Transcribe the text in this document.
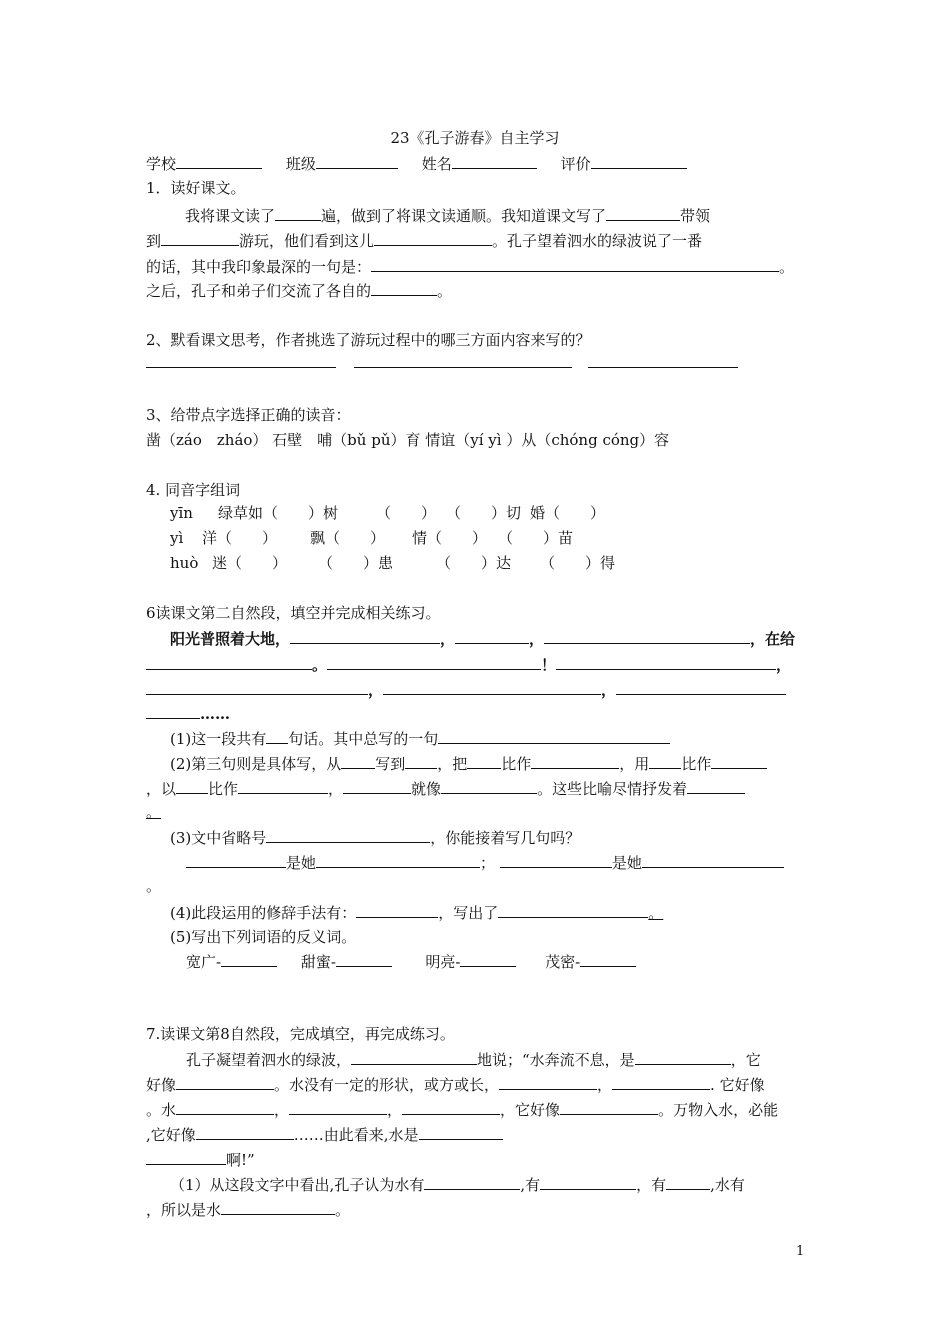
23《孔子游春》自主学习
学校	班级	姓名	评价
1．读好课文。
我将课文读了	遍，做到了将课文读通顺。我知道课文写了	带领
到	游玩，他们看到这儿	。孔子望着泗水的绿波说了一番
的话，其中我印象最深的一句是：	。
之后，孔子和弟子们交流了各自的	。
2、默看课文思考，作者挑选了游玩过程中的哪三方面内容来写的？
3、给带点字选择正确的读音：
凿（záo　zháo） 石壁　哺（bǔ pǔ）育 情谊（yí yì ）从（chóng cóng）容
4. 同音字组词
yīn 绿草如（　　）树	（　　） （　　）切 婚（　　）
yì 洋（　　） 飘（　　） 情（　　） （　　）苗
huò 迷（　　） （　　）患	（　　）达 （　　）得
6读课文第二自然段，填空并完成相关练习。
阳光普照着大地，	，	，	，在给
。	！	，
，	，
……
(1)这一段共有 句话。其中总写的一句
(2)第三句则是具体写，从 写到 ，把 比作	，用 比作
，以 比作	，	就像	。这些比喻尽情抒发着
。
(3)文中省略号	，你能接着写几句吗？
是她	；	是她
。
(4)此段运用的修辞手法有：	，写出了	。
(5)写出下列词语的反义词。
宽广-	甜蜜-	明亮-	茂密-
7.读课文第8自然段，完成填空，再完成练习。
孔子凝望着泗水的绿波，	地说；“水奔流不息，是	，它
好像	。水没有一定的形状，或方或长，	，	. 它好像
。水	，	，	，它好像	。万物入水，必能
,它好像	……由此看来,水是
啊!”
（1）从这段文字中看出,孔子认为水有	,有	，有	,水有
，所以是水	。
1
